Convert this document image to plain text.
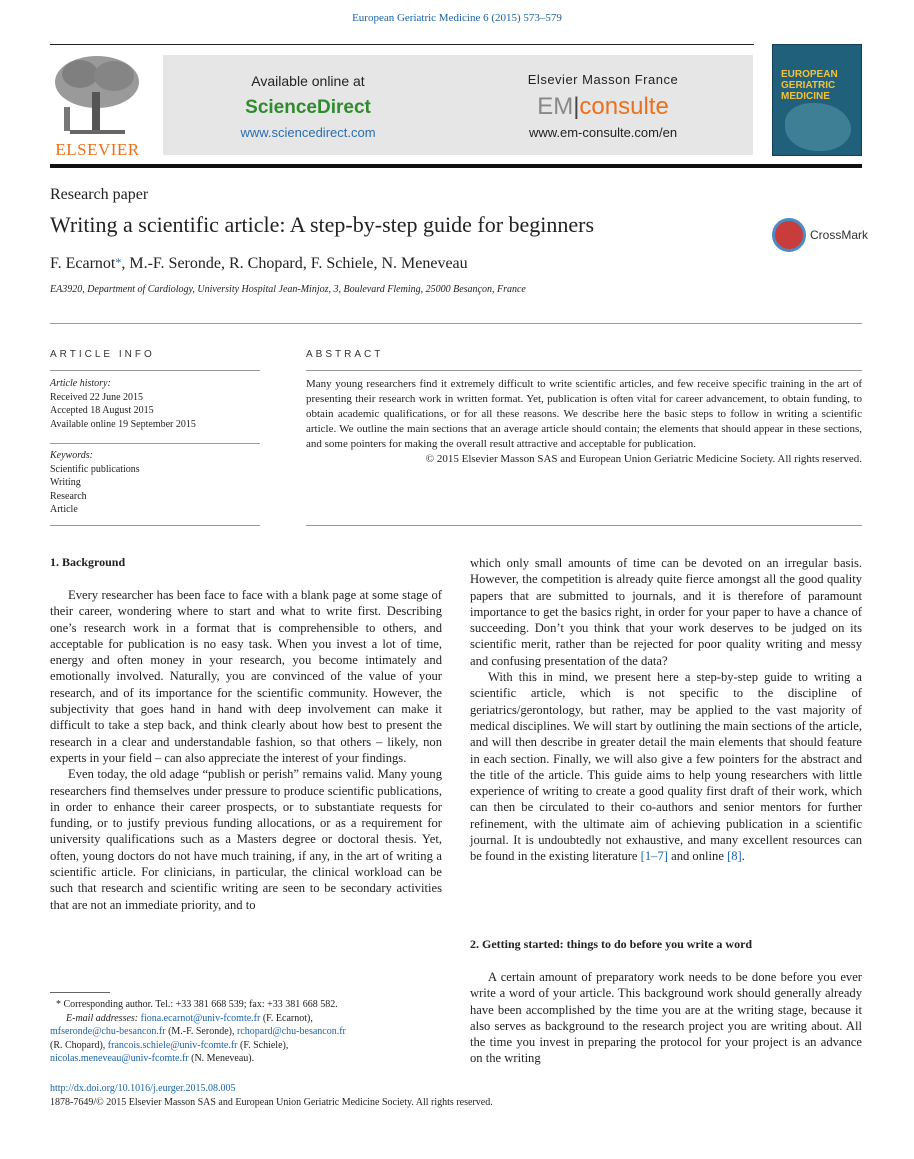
European Geriatric Medicine 6 (2015) 573–579
ELSEVIER
Available online at
ScienceDirect
www.sciencedirect.com
Elsevier Masson France
EM|consulte
www.em-consulte.com/en
EUROPEAN
GERIATRIC
MEDICINE
Research paper
Writing a scientific article: A step-by-step guide for beginners	CrossMark
F. Ecarnot*, M.-F. Seronde, R. Chopard, F. Schiele, N. Meneveau
EA3920, Department of Cardiology, University Hospital Jean-Minjoz, 3, Boulevard Fleming, 25000 Besançon, France
ARTICLE INFO
Article history:
Received 22 June 2015
Accepted 18 August 2015
Available online 19 September 2015
Keywords:
Scientific publications
Writing
Research
Article
ABSTRACT
Many young researchers find it extremely difficult to write scientific articles, and few receive specific training in the art of presenting their research work in written format. Yet, publication is often vital for career advancement, to obtain funding, to obtain academic qualifications, or for all these reasons. We describe here the basic steps to follow in writing a scientific article. We outline the main sections that an average article should contain; the elements that should appear in these sections, and some pointers for making the overall result attractive and acceptable for publication.
© 2015 Elsevier Masson SAS and European Union Geriatric Medicine Society. All rights reserved.
1. Background

Every researcher has been face to face with a blank page at some stage of their career, wondering where to start and what to write first. Describing one’s research work in a format that is comprehensible to others, and acceptable for publication is no easy task. When you invest a lot of time, energy and often money in your research, you become intimately and emotionally involved. Naturally, you are convinced of the value of your research, and of its importance for the scientific community. However, the subjectivity that goes hand in hand with deep involvement can make it difficult to take a step back, and think clearly about how best to present the research in a clear and understandable fashion, so that others – likely, non experts in your field – can also appreciate the interest of your findings.

Even today, the old adage “publish or perish” remains valid. Many young researchers find themselves under pressure to produce scientific publications, in order to enhance their career prospects, or to substantiate requests for funding, or to justify previous funding allocations, or as a requirement for university qualifications such as a Masters degree or doctoral thesis. Yet, often, young doctors do not have much training, if any, in the art of writing a scientific article. For clinicians, in particular, the clinical workload can be such that research and scientific writing are seen to be secondary activities that are not an immediate priority, and to

which only small amounts of time can be devoted on an irregular basis. However, the competition is already quite fierce amongst all the good quality papers that are submitted to journals, and it is therefore of paramount importance to get the basics right, in order for your paper to have a chance of succeeding. Don’t you think that your work deserves to be judged on its scientific merit, rather than be rejected for poor quality writing and messy and confusing presentation of the data?

With this in mind, we present here a step-by-step guide to writing a scientific article, which is not specific to the discipline of geriatrics/gerontology, but rather, may be applied to the vast majority of medical disciplines. We will start by outlining the main sections of the article, and will then describe in greater detail the main elements that should feature in each section. Finally, we will also give a few pointers for the abstract and the title of the article. This guide aims to help young researchers with little experience of writing to create a good quality first draft of their work, which can then be circulated to their co-authors and senior mentors for further refinement, with the ultimate aim of achieving publication in a scientific journal. It is undoubtedly not exhaustive, and many excellent resources can be found in the existing literature [1–7] and online [8].

2. Getting started: things to do before you write a word

A certain amount of preparatory work needs to be done before you ever write a word of your article. This background work should generally already have been accomplished by the time you are at the writing stage, because it also serves as background to the research project you are writing about. All the time you invest in preparing the protocol for your project is an advance on the writing

* Corresponding author. Tel.: +33 381 668 539; fax: +33 381 668 582.
E-mail addresses: fiona.ecarnot@univ-fcomte.fr (F. Ecarnot),
mfseronde@chu-besancon.fr (M.-F. Seronde), rchopard@chu-besancon.fr
(R. Chopard), francois.schiele@univ-fcomte.fr (F. Schiele),
nicolas.meneveau@univ-fcomte.fr (N. Meneveau).
http://dx.doi.org/10.1016/j.eurger.2015.08.005
1878-7649/© 2015 Elsevier Masson SAS and European Union Geriatric Medicine Society. All rights reserved.
